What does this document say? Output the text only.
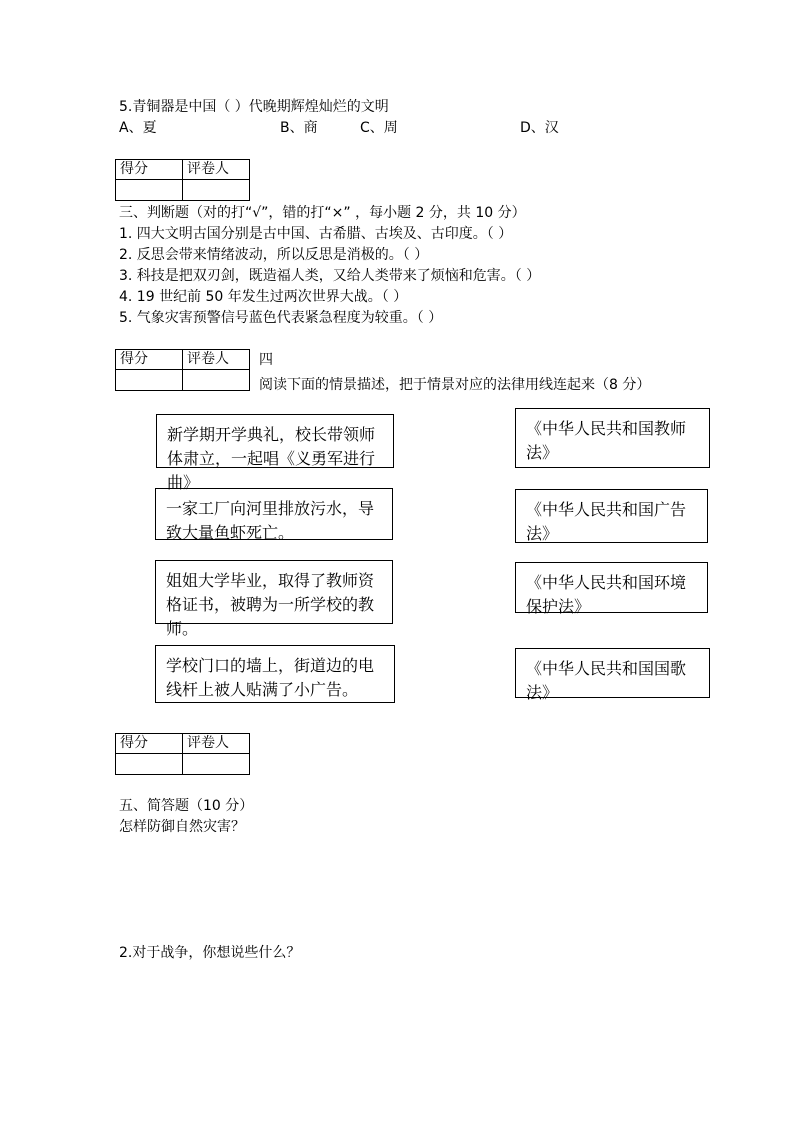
5.青铜器是中国（ ）代晚期辉煌灿烂的文明
A、夏	B、商	C、周	D、汉
得分	评卷人

三、判断题（对的打“√”，错的打“×” ，每小题 2 分，共 10 分）
1. 四大文明古国分别是古中国、古希腊、古埃及、古印度。（ ）
2. 反思会带来情绪波动，所以反思是消极的。（ ）
3. 科技是把双刃剑，既造福人类，又给人类带来了烦恼和危害。（ ）
4. 19 世纪前 50 年发生过两次世界大战。（ ）
5. 气象灾害预警信号蓝色代表紧急程度为较重。（ ）
得分	评卷人
	四
阅读下面的情景描述，把于情景对应的法律用线连起来（8 分）
新学期开学典礼，校长带领师体肃立，一起唱《义勇军进行曲》
一家工厂向河里排放污水，导致大量鱼虾死亡。
姐姐大学毕业，取得了教师资格证书，被聘为一所学校的教师。
学校门口的墙上，街道边的电线杆上被人贴满了小广告。
《中华人民共和国教师法》
《中华人民共和国广告法》
《中华人民共和国环境保护法》
《中华人民共和国国歌法》
得分	评卷人

五、简答题（10 分）
怎样防御自然灾害？
2.对于战争，你想说些什么？
